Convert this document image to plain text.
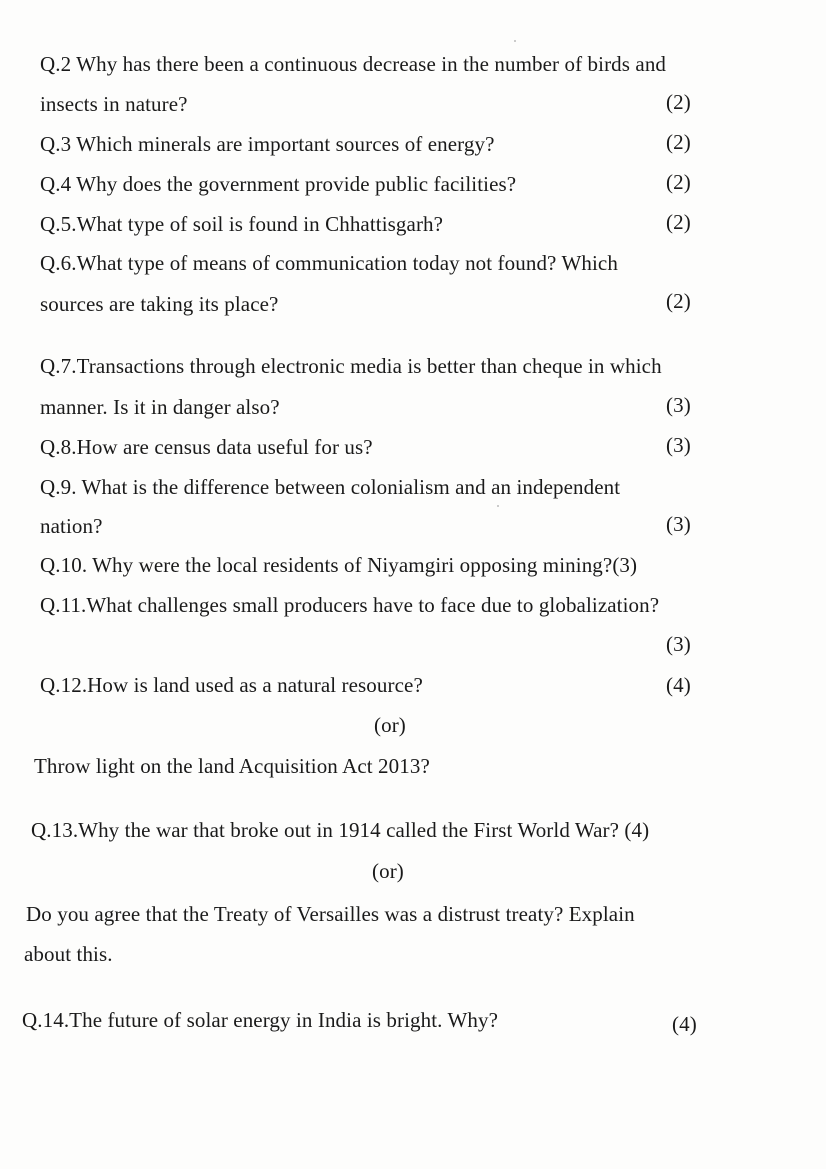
Q.2 Why has there been a continuous decrease in the number of birds and
insects in nature?	(2)
Q.3 Which minerals are important sources of energy?	(2)
Q.4 Why does the government provide public facilities?	(2)
Q.5.What type of soil is found in Chhattisgarh?	(2)
Q.6.What type of means of communication today not found? Which
sources are taking its place?	(2)
Q.7.Transactions through electronic media is better than cheque in which
manner. Is it in danger also?	(3)
Q.8.How are census data useful for us?	(3)
Q.9. What is the difference between colonialism and an independent
nation?	(3)
Q.10. Why were the local residents of Niyamgiri opposing mining?(3)
Q.11.What challenges small producers have to face due to globalization?
(3)
Q.12.How is land used as a natural resource?	(4)
(or)
Throw light on the land Acquisition Act 2013?
Q.13.Why the war that broke out in 1914 called the First World War? (4)
(or)
Do you agree that the Treaty of Versailles was a distrust treaty? Explain
about this.
Q.14.The future of solar energy in India is bright. Why?	(4)
